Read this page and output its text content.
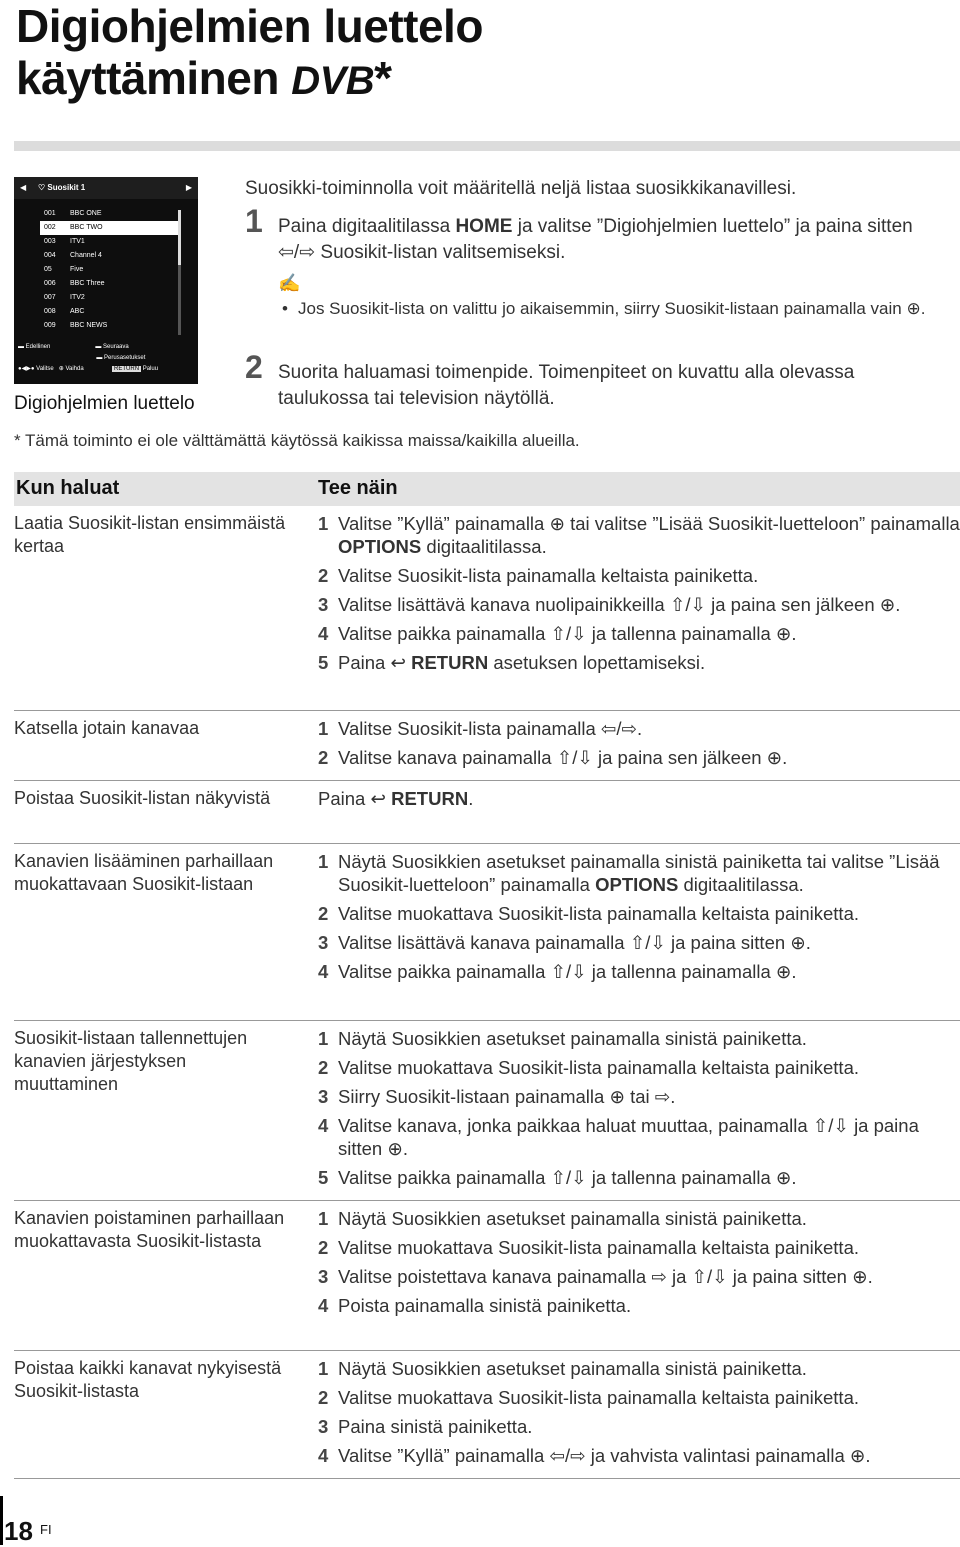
Digiohjelmien luettelo
käyttäminen DVB*
◀ ♡ Suosikit 1	▶
001	BBC ONE
002	BBC TWO
003	ITV1
004	Channel 4
05	Five
006	BBC Three
007	ITV2
008	ABC
009	BBC NEWS
▬ Edellinen                           ▬ Seuraava
▬ Perusasetukset
●◀▶● Valitse   ⊕ Vaihda	RETURN Paluu
Digiohjelmien luettelo
Suosikki-toiminnolla voit määritellä neljä listaa suosikkikanavillesi.
1 Paina digitaalitilassa HOME ja valitse ”Digiohjelmien luettelo” ja paina sitten ⇦/⇨ Suosikit-listan valitsemiseksi.
✍
• Jos Suosikit-lista on valittu jo aikaisemmin, siirry Suosikit-listaan painamalla vain ⊕.
2 Suorita haluamasi toimenpide. Toimenpiteet on kuvattu alla olevassa taulukossa tai television näytöllä.
* Tämä toiminto ei ole välttämättä käytössä kaikissa maissa/kaikilla alueilla.
Kun haluat	Tee näin
Laatia Suosikit-listan ensimmäistä kertaa
1 Valitse ”Kyllä” painamalla ⊕ tai valitse ”Lisää Suosikit-luetteloon” painamalla OPTIONS digitaalitilassa.
2 Valitse Suosikit-lista painamalla keltaista painiketta.
3 Valitse lisättävä kanava nuolipainikkeilla ⇧/⇩ ja paina sen jälkeen ⊕.
4 Valitse paikka painamalla ⇧/⇩ ja tallenna painamalla ⊕.
5 Paina ↩ RETURN asetuksen lopettamiseksi.
Katsella jotain kanavaa	1 Valitse Suosikit-lista painamalla ⇦/⇨.
2 Valitse kanava painamalla ⇧/⇩ ja paina sen jälkeen ⊕.
Poistaa Suosikit-listan näkyvistä	Paina ↩ RETURN.
Kanavien lisääminen parhaillaan muokattavaan Suosikit-listaan
1 Näytä Suosikkien asetukset painamalla sinistä painiketta tai valitse ”Lisää Suosikit-luetteloon” painamalla OPTIONS digitaalitilassa.
2 Valitse muokattava Suosikit-lista painamalla keltaista painiketta.
3 Valitse lisättävä kanava painamalla ⇧/⇩ ja paina sitten ⊕.
4 Valitse paikka painamalla ⇧/⇩ ja tallenna painamalla ⊕.
Suosikit-listaan tallennettujen kanavien järjestyksen muuttaminen
1 Näytä Suosikkien asetukset painamalla sinistä painiketta.
2 Valitse muokattava Suosikit-lista painamalla keltaista painiketta.
3 Siirry Suosikit-listaan painamalla ⊕ tai ⇨.
4 Valitse kanava, jonka paikkaa haluat muuttaa, painamalla ⇧/⇩ ja paina sitten ⊕.
5 Valitse paikka painamalla ⇧/⇩ ja tallenna painamalla ⊕.
Kanavien poistaminen parhaillaan muokattavasta Suosikit-listasta
1 Näytä Suosikkien asetukset painamalla sinistä painiketta.
2 Valitse muokattava Suosikit-lista painamalla keltaista painiketta.
3 Valitse poistettava kanava painamalla ⇨ ja ⇧/⇩ ja paina sitten ⊕.
4 Poista painamalla sinistä painiketta.
Poistaa kaikki kanavat nykyisestä Suosikit-listasta
1 Näytä Suosikkien asetukset painamalla sinistä painiketta.
2 Valitse muokattava Suosikit-lista painamalla keltaista painiketta.
3 Paina sinistä painiketta.
4 Valitse ”Kyllä” painamalla ⇦/⇨ ja vahvista valintasi painamalla ⊕.
18 FI
